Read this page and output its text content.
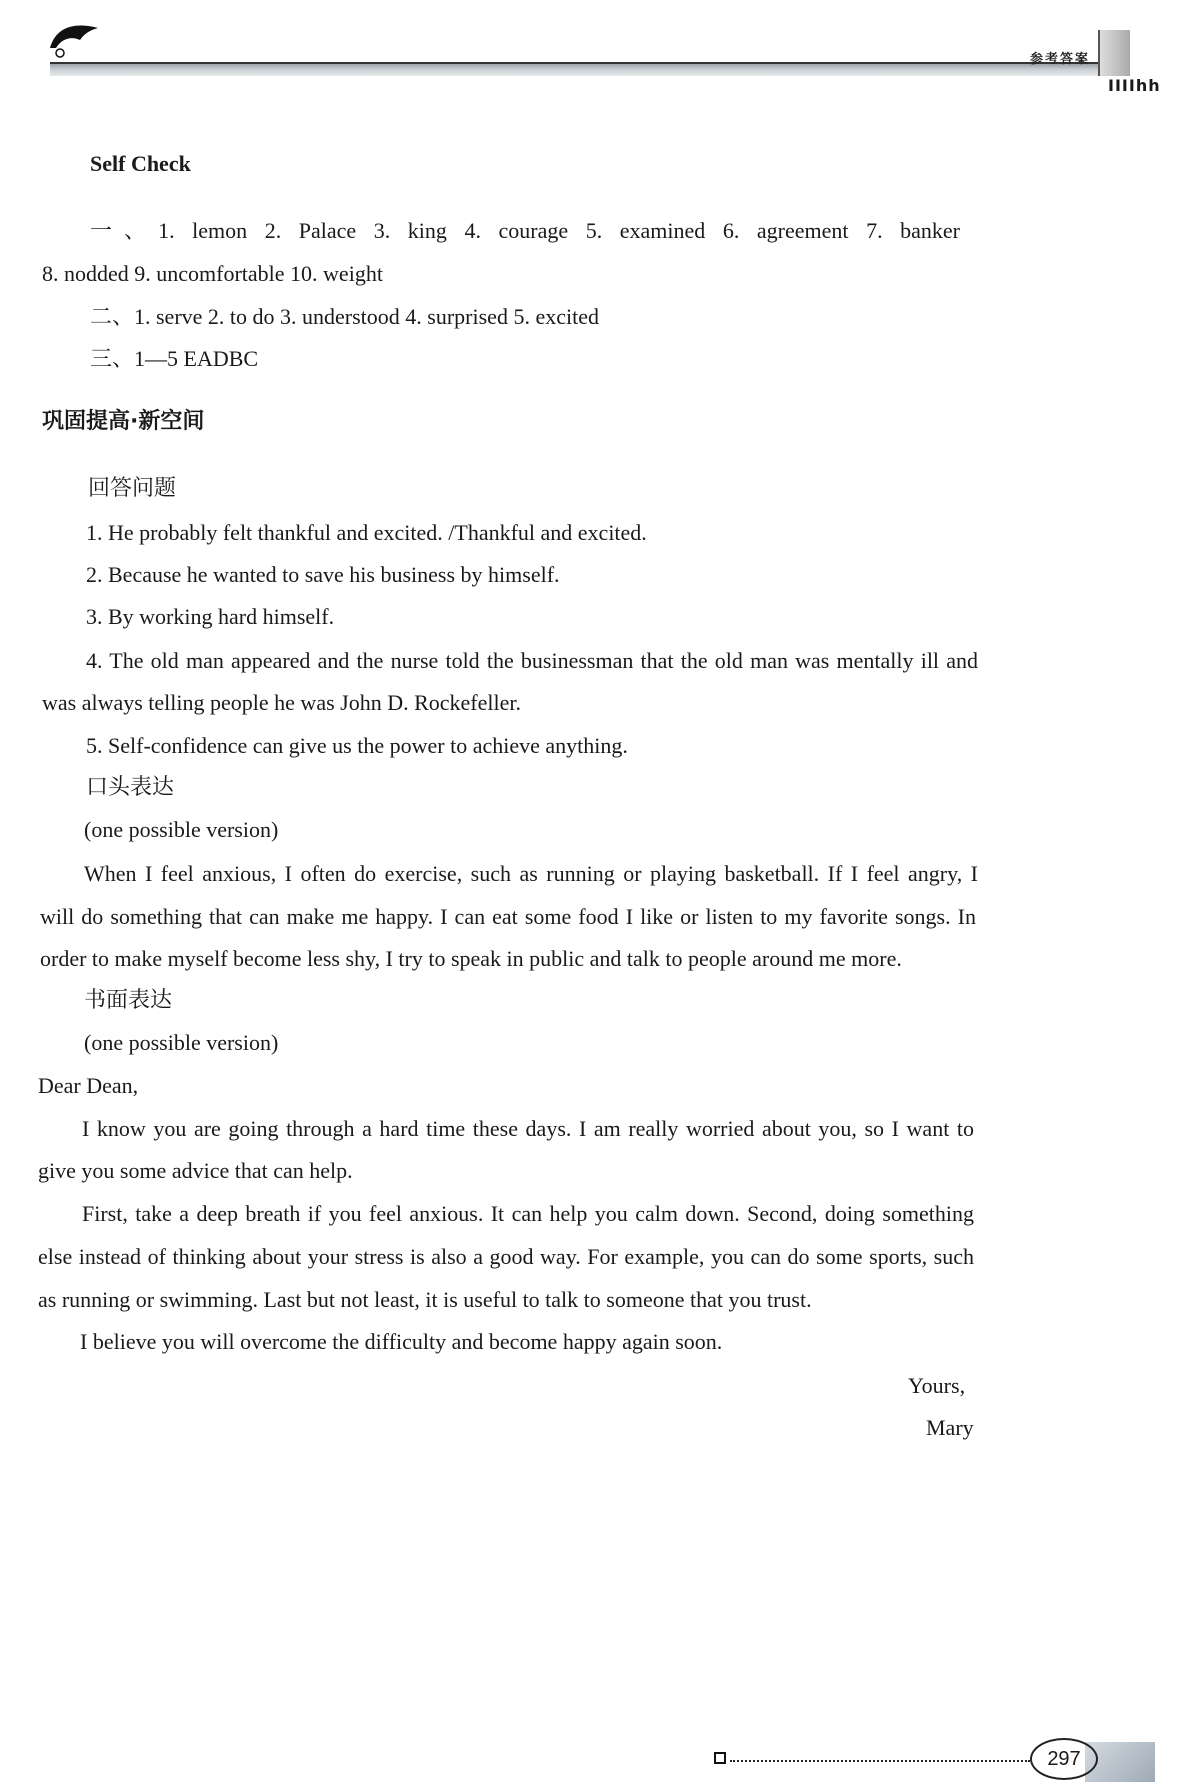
参考答案
IIIIhh
Self Check
一、1. lemon 2. Palace 3. king 4. courage 5. examined 6. agreement 7. banker
8. nodded 9. uncomfortable 10. weight
二、1. serve 2. to do 3. understood 4. surprised 5. excited
三、1—5 EADBC
巩固提高·新空间
回答问题
1. He probably felt thankful and excited. /Thankful and excited.
2. Because he wanted to save his business by himself.
3. By working hard himself.
4. The old man appeared and the nurse told the businessman that the old man was mentally ill and
was always telling people he was John D. Rockefeller.
5. Self-confidence can give us the power to achieve anything.
口头表达
(one possible version)
When I feel anxious, I often do exercise, such as running or playing basketball. If I feel angry, I
will do something that can make me happy. I can eat some food I like or listen to my favorite songs. In
order to make myself become less shy, I try to speak in public and talk to people around me more.
书面表达
(one possible version)
Dear Dean,
I know you are going through a hard time these days. I am really worried about you, so I want to
give you some advice that can help.
First, take a deep breath if you feel anxious. It can help you calm down. Second, doing something
else instead of thinking about your stress is also a good way. For example, you can do some sports, such
as running or swimming. Last but not least, it is useful to talk to someone that you trust.
I believe you will overcome the difficulty and become happy again soon.
Yours,
Mary
297
